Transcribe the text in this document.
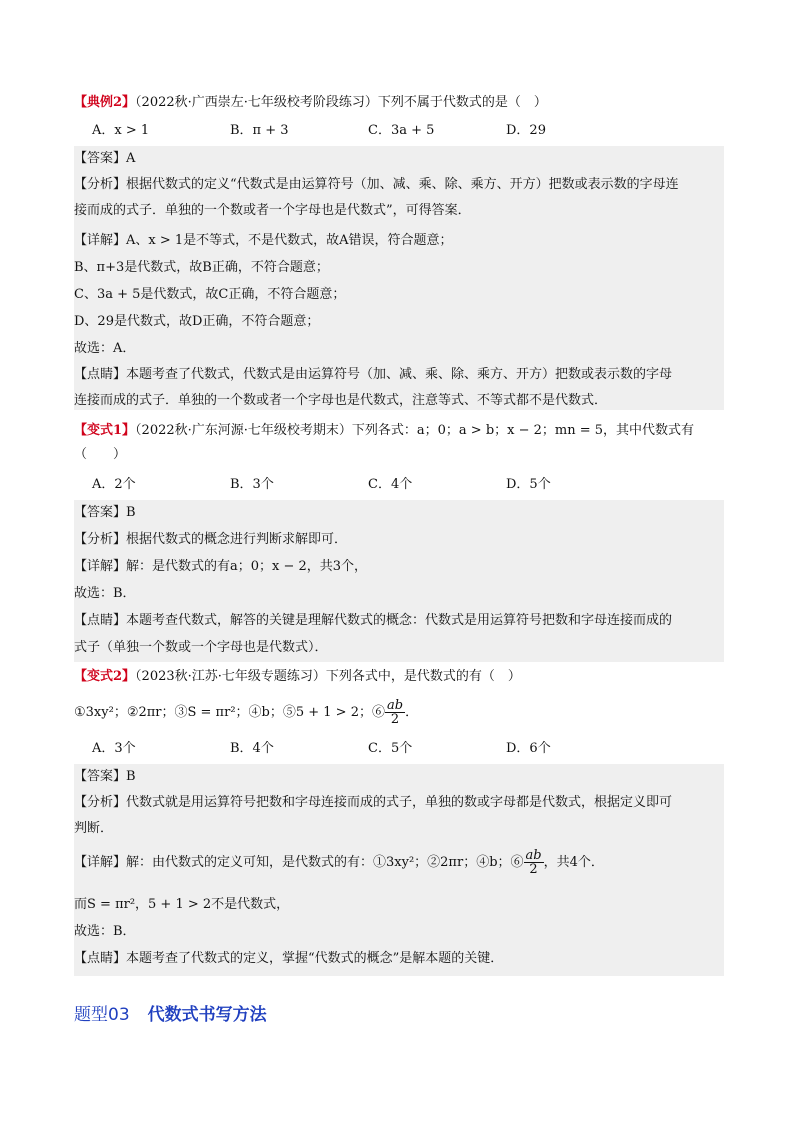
【典例2】（2022秋·广西崇左·七年级校考阶段练习）下列不属于代数式的是（　）
A．x > 1	B．π + 3	C．3a + 5	D．29
【答案】A
【分析】根据代数式的定义“代数式是由运算符号（加、减、乘、除、乘方、开方）把数或表示数的字母连
接而成的式子．单独的一个数或者一个字母也是代数式”，可得答案．
【详解】A、x > 1是不等式，不是代数式，故A错误，符合题意；
B、π+3是代数式，故B正确，不符合题意；
C、3a + 5是代数式，故C正确，不符合题意；
D、29是代数式，故D正确，不符合题意；
故选：A．
【点睛】本题考查了代数式，代数式是由运算符号（加、减、乘、除、乘方、开方）把数或表示数的字母
连接而成的式子．单独的一个数或者一个字母也是代数式，注意等式、不等式都不是代数式．
【变式1】（2022秋·广东河源·七年级校考期末）下列各式：a；0；a > b；x − 2；mn = 5，其中代数式有
（　　）
A．2个	B．3个	C．4个	D．5个
【答案】B
【分析】根据代数式的概念进行判断求解即可．
【详解】解：是代数式的有a；0；x − 2，共3个，
故选：B．
【点睛】本题考查代数式，解答的关键是理解代数式的概念：代数式是用运算符号把数和字母连接而成的
式子（单独一个数或一个字母也是代数式）．
【变式2】（2023秋·江苏·七年级专题练习）下列各式中，是代数式的有（　）
①3xy²；②2πr；③S = πr²；④b；⑤5 + 1 > 2；⑥ $\frac{ab}{2}$ ．
A．3个	B．4个	C．5个	D．6个
【答案】B
【分析】代数式就是用运算符号把数和字母连接而成的式子，单独的数或字母都是代数式，根据定义即可
判断．
【详解】解：由代数式的定义可知，是代数式的有：①3xy²；②2πr；④b；⑥ $\frac{ab}{2}$ ，共4个．
而S = πr²，5 + 1 > 2不是代数式，
故选：B．
【点睛】本题考查了代数式的定义，掌握“代数式的概念”是解本题的关键．
题型03 代数式书写方法
